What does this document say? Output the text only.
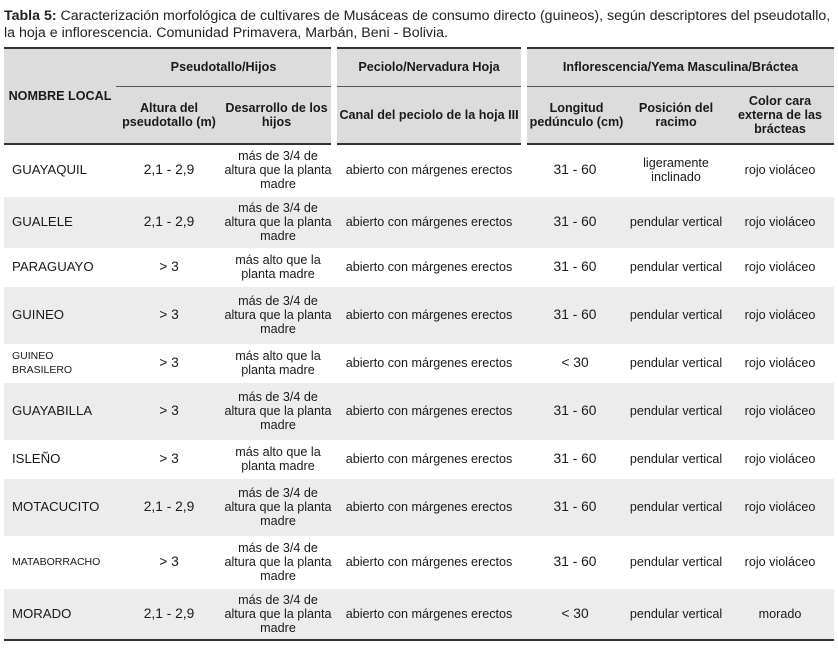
Tabla 5: Caracterización morfológica de cultivares de Musáceas de consumo directo (guineos), según descriptores del pseudotallo, la hoja e inflorescencia. Comunidad Primavera, Marbán, Beni - Bolivia.
NOMBRE LOCAL	Pseudotallo/Hijos		Peciolo/Nervadura Hoja	Inflorescencia/Yema Masculina/Bráctea		
	Altura del pseudotallo (m)	Desarrollo de los hijos	Canal del peciolo de la hoja III	Longitud pedúnculo (cm)	Posición del racimo	Color cara externa de las brácteas
GUAYAQUIL	2,1 - 2,9	más de 3/4 de altura que la planta madre	abierto con márgenes erectos	31 - 60	ligeramente inclinado	rojo violáceo
GUALELE	2,1 - 2,9	más de 3/4 de altura que la planta madre	abierto con márgenes erectos	31 - 60	pendular vertical	rojo violáceo
PARAGUAYO	> 3	más alto que la planta madre	abierto con márgenes erectos	31 - 60	pendular vertical	rojo violáceo
GUINEO	> 3	más de 3/4 de altura que la planta madre	abierto con márgenes erectos	31 - 60	pendular vertical	rojo violáceo
GUINEO BRASILERO	> 3	más alto que la planta madre	abierto con márgenes erectos	< 30	pendular vertical	rojo violáceo
GUAYABILLA	> 3	más de 3/4 de altura que la planta madre	abierto con márgenes erectos	31 - 60	pendular vertical	rojo violáceo
ISLEÑO	> 3	más alto que la planta madre	abierto con márgenes erectos	31 - 60	pendular vertical	rojo violáceo
MOTACUCITO	2,1 - 2,9	más de 3/4 de altura que la planta madre	abierto con márgenes erectos	31 - 60	pendular vertical	rojo violáceo
MATABORRACHO	> 3	más de 3/4 de altura que la planta madre	abierto con márgenes erectos	31 - 60	pendular vertical	rojo violáceo
MORADO	2,1 - 2,9	más de 3/4 de altura que la planta madre	abierto con márgenes erectos	< 30	pendular vertical	morado
